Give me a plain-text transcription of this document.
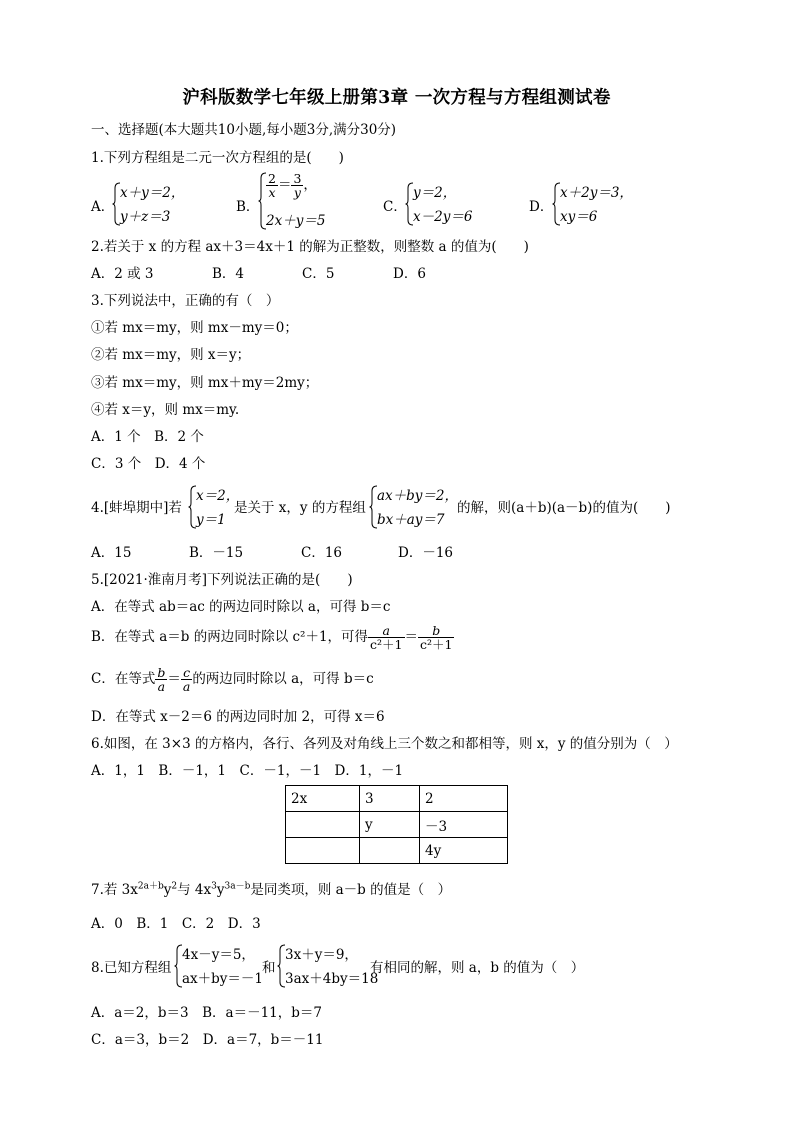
沪科版数学七年级上册第3章 一次方程与方程组测试卷
一、选择题(本大题共10小题,每小题3分,满分30分)
1.下列方程组是二元一次方程组的是(　　)
A．
x＋y＝2，
y＋z＝3
B．
$\frac{2}{x} = \frac{3}{y}$ ，
2x＋y＝5
C．
y＝2，
x－2y＝6
D．
x＋2y＝3，
xy＝6
2.若关于 x 的方程 ax＋3＝4x＋1 的解为正整数，则整数 a 的值为(　　)
A．2 或 3	B．4	C．5	D．6
3.下列说法中，正确的有（　）
①若 mx＝my，则 mx－my＝0；
②若 mx＝my，则 x＝y；
③若 mx＝my，则 mx＋my＝2my；
④若 x＝y，则 mx＝my.
A．1 个　B．2 个
C．3 个　D．4 个
4.[蚌埠期中]若
x＝2，
y＝1
是关于 x，y 的方程组
ax＋by＝2，
bx＋ay＝7
的解，则(a＋b)(a－b)的值为(　　)
A．15	B．－15	C．16	D．－16
5.[2021·淮南月考]下列说法正确的是(　　)
A．在等式 ab＝ac 的两边同时除以 a，可得 b＝c
B．在等式 a＝b 的两边同时除以 c²＋1，可得 $\frac{a}{\text{c²＋1}} = \frac{b}{\text{c²＋1}}$
C．在等式 $\frac{b}{a} = \frac{c}{a}$ 的两边同时除以 a，可得 b＝c
D．在等式 x－2＝6 的两边同时加 2，可得 x＝6
6.如图，在 3×3 的方格内，各行、各列及对角线上三个数之和都相等，则 x，y 的值分别为（　）
A．1，1　B．－1，1　C．－1，－1　D．1，－1
2x	3	2
	y	－3
		4y
7.若 $3x^{2a+b}y^2$与 $4x^3y^{3a-b}$是同类项，则 a－b 的值是（　）
A．0　B．1　C．2　D．3
8.已知方程组
4x－y＝5，
ax＋by＝－1
和
3x＋y＝9，
3ax＋4by＝18
有相同的解，则 a，b 的值为（　）
A．a＝2，b＝3　B．a＝－11，b＝7
C．a＝3，b＝2　D．a＝7，b＝－11
